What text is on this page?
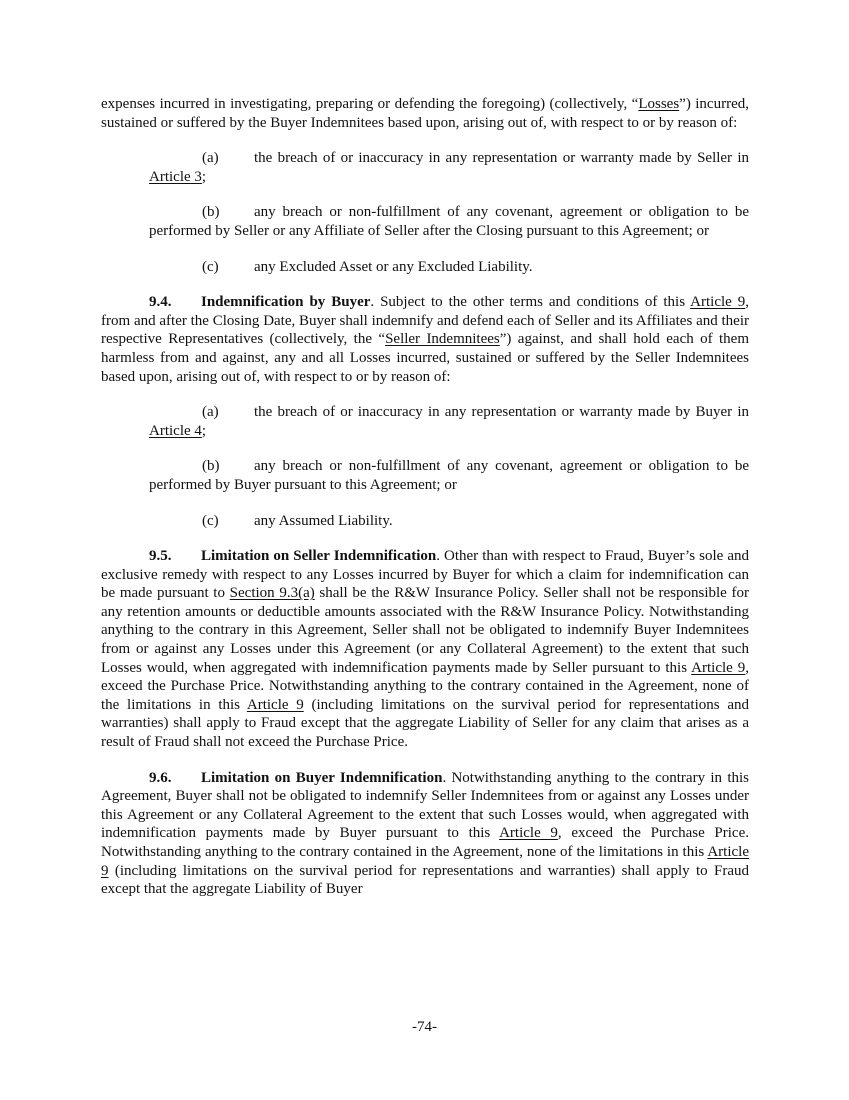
expenses incurred in investigating, preparing or defending the foregoing) (collectively, “Losses”) incurred, sustained or suffered by the Buyer Indemnitees based upon, arising out of, with respect to or by reason of:

(a) the breach of or inaccuracy in any representation or warranty made by Seller in Article 3;

(b) any breach or non-fulfillment of any covenant, agreement or obligation to be performed by Seller or any Affiliate of Seller after the Closing pursuant to this Agreement; or

(c) any Excluded Asset or any Excluded Liability.

9.4. Indemnification by Buyer. Subject to the other terms and conditions of this Article 9, from and after the Closing Date, Buyer shall indemnify and defend each of Seller and its Affiliates and their respective Representatives (collectively, the “Seller Indemnitees”) against, and shall hold each of them harmless from and against, any and all Losses incurred, sustained or suffered by the Seller Indemnitees based upon, arising out of, with respect to or by reason of:

(a) the breach of or inaccuracy in any representation or warranty made by Buyer in Article 4;

(b) any breach or non-fulfillment of any covenant, agreement or obligation to be performed by Buyer pursuant to this Agreement; or

(c) any Assumed Liability.

9.5. Limitation on Seller Indemnification. Other than with respect to Fraud, Buyer’s sole and exclusive remedy with respect to any Losses incurred by Buyer for which a claim for indemnification can be made pursuant to Section 9.3(a) shall be the R&W Insurance Policy. Seller shall not be responsible for any retention amounts or deductible amounts associated with the R&W Insurance Policy. Notwithstanding anything to the contrary in this Agreement, Seller shall not be obligated to indemnify Buyer Indemnitees from or against any Losses under this Agreement (or any Collateral Agreement) to the extent that such Losses would, when aggregated with indemnification payments made by Seller pursuant to this Article 9, exceed the Purchase Price. Notwithstanding anything to the contrary contained in the Agreement, none of the limitations in this Article 9 (including limitations on the survival period for representations and warranties) shall apply to Fraud except that the aggregate Liability of Seller for any claim that arises as a result of Fraud shall not exceed the Purchase Price.

9.6. Limitation on Buyer Indemnification. Notwithstanding anything to the contrary in this Agreement, Buyer shall not be obligated to indemnify Seller Indemnitees from or against any Losses under this Agreement or any Collateral Agreement to the extent that such Losses would, when aggregated with indemnification payments made by Buyer pursuant to this Article 9, exceed the Purchase Price. Notwithstanding anything to the contrary contained in the Agreement, none of the limitations in this Article 9 (including limitations on the survival period for representations and warranties) shall apply to Fraud except that the aggregate Liability of Buyer

-74-
